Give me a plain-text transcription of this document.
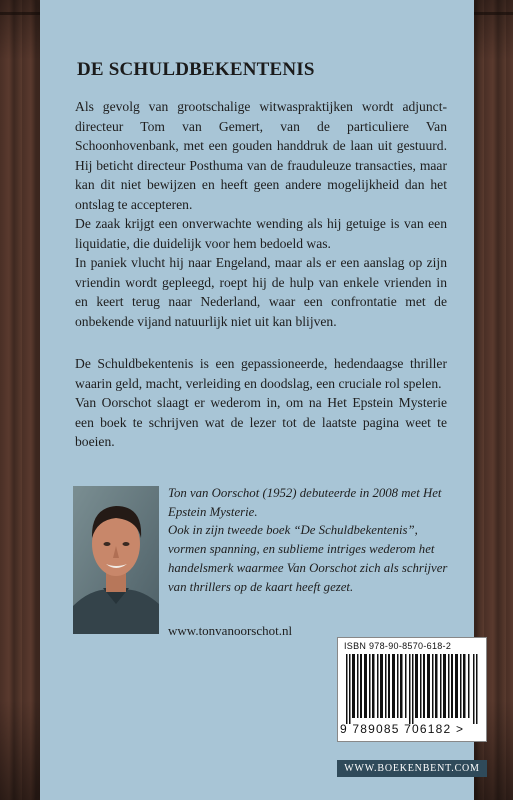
DE SCHULDBEKENTENIS

Als gevolg van grootschalige witwaspraktijken wordt adjunct-directeur Tom van Gemert, van de particuliere Van Schoonhovenbank, met een gouden handdruk de laan uit gestuurd. Hij beticht directeur Posthuma van de frauduleuze transacties, maar kan dit niet bewijzen en heeft geen andere mogelijkheid dan het ontslag te accepteren.

De zaak krijgt een onverwachte wending als hij getuige is van een liquidatie, die duidelijk voor hem bedoeld was.

In paniek vlucht hij naar Engeland, maar als er een aanslag op zijn vriendin wordt gepleegd, roept hij de hulp van enkele vrienden in en keert terug naar Nederland, waar een confrontatie met de onbekende vijand natuurlijk niet uit kan blijven.

De Schuldbekentenis is een gepassioneerde, hedendaagse thriller waarin geld, macht, verleiding en doodslag, een cruciale rol spelen.

Van Oorschot slaagt er wederom in, om na Het Epstein Mysterie een boek te schrijven wat de lezer tot de laatste pagina weet te boeien.

Ton van Oorschot (1952) debuteerde in 2008 met Het Epstein Mysterie.

Ook in zijn tweede boek “De Schuldbekentenis”, vormen spanning, en sublieme intriges wederom het handelsmerk waarmee Van Oorschot zich als schrijver van thrillers op de kaart heeft gezet.

www.tonvanoorschot.nl
ISBN 978-90-8570-618-2
9 789085 706182 >
WWW.BOEKENBENT.COM
